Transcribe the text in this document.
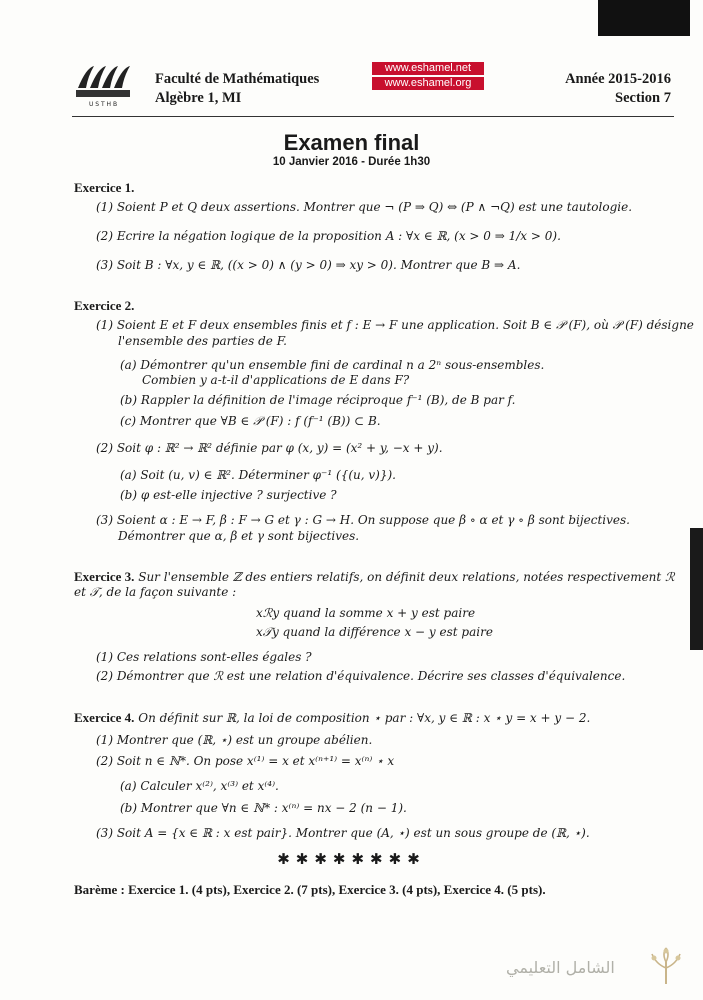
U S T H B
Faculté de Mathématiques
Algèbre 1, MI
www.eshamel.net
www.eshamel.org	Année 2015-2016
Section 7
Examen final
10 Janvier 2016 - Durée 1h30
Exercice 1.
(1) Soient P et Q deux assertions. Montrer que ¬ (P ⇒ Q) ⇔ (P ∧ ¬Q) est une tautologie.
(2) Ecrire la négation logique de la proposition A : ∀x ∈ ℝ, (x > 0 ⇒ 1/x > 0).
(3) Soit B : ∀x, y ∈ ℝ, ((x > 0) ∧ (y > 0) ⇒ xy > 0). Montrer que B ⇒ A.
Exercice 2.
(1) Soient E et F deux ensembles finis et f : E → F une application. Soit B ∈ 𝒫 (F), où 𝒫 (F) désigne
l'ensemble des parties de F.
(a) Démontrer qu'un ensemble fini de cardinal n a 2ⁿ sous-ensembles.
Combien y a-t-il d'applications de E dans F?
(b) Rappler la définition de l'image réciproque f⁻¹ (B), de B par f.
(c) Montrer que ∀B ∈ 𝒫 (F) : f (f⁻¹ (B)) ⊂ B.
(2) Soit φ : ℝ² → ℝ² définie par φ (x, y) = (x² + y, −x + y).
(a) Soit (u, v) ∈ ℝ². Déterminer φ⁻¹ ({(u, v)}).
(b) φ est-elle injective ? surjective ?
(3) Soient α : E → F, β : F → G et γ : G → H. On suppose que β ∘ α et γ ∘ β sont bijectives.
Démontrer que α, β et γ sont bijectives.
Exercice 3. Sur l'ensemble ℤ des entiers relatifs, on définit deux relations, notées respectivement ℛ
et 𝒯, de la façon suivante :
xℛy quand la somme x + y est paire
x𝒯y quand la différence x − y est paire
(1) Ces relations sont-elles égales ?
(2) Démontrer que ℛ est une relation d'équivalence. Décrire ses classes d'équivalence.
Exercice 4. On définit sur ℝ, la loi de composition ⋆ par : ∀x, y ∈ ℝ : x ⋆ y = x + y − 2.
(1) Montrer que (ℝ, ⋆) est un groupe abélien.
(2) Soit n ∈ ℕ*. On pose x⁽¹⁾ = x et x⁽ⁿ⁺¹⁾ = x⁽ⁿ⁾ ⋆ x
(a) Calculer x⁽²⁾, x⁽³⁾ et x⁽⁴⁾.
(b) Montrer que ∀n ∈ ℕ* : x⁽ⁿ⁾ = nx − 2 (n − 1).
(3) Soit A = {x ∈ ℝ : x est pair}. Montrer que (A, ⋆) est un sous groupe de (ℝ, ⋆).
✱✱✱✱✱✱✱✱
Barème : Exercice 1. (4 pts), Exercice 2. (7 pts), Exercice 3. (4 pts), Exercice 4. (5 pts).
الشامل التعليمي
